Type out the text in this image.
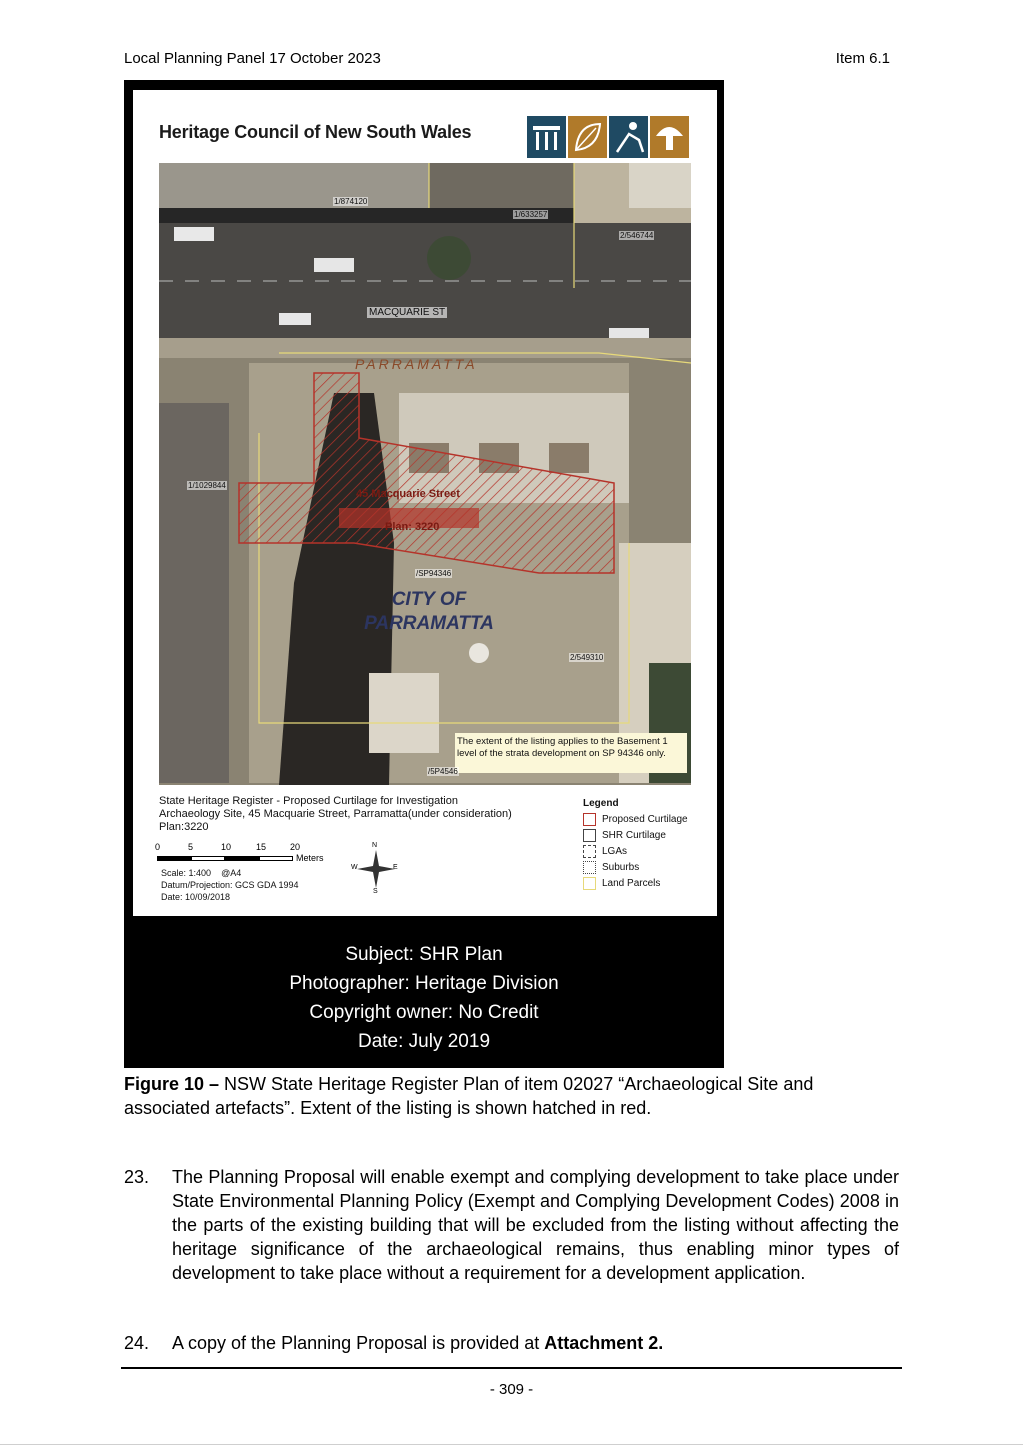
Local Planning Panel 17 October 2023	Item 6.1
Heritage Council of New South Wales
1/874120
1/633257
2/546744
1/1029844
/SP94346
2/549310
/5P4546
MACQUARIE ST
PARRAMATTA
45 Macquarie Street
Plan: 3220
CITY OF PARRAMATTA
The extent of the listing applies to the Basement 1 level of the strata development on SP 94346 only.
State Heritage Register - Proposed Curtilage for Investigation
Archaeology Site, 45 Macquarie Street, Parramatta(under consideration)
Plan:3220
0	5	10	15	20
Meters
N
S
E
W
Scale: 1:400 @A4
Datum/Projection: GCS GDA 1994
Date: 10/09/2018
Legend
Proposed Curtilage
SHR Curtilage
LGAs
Suburbs
Land Parcels
Subject: SHR Plan
Photographer: Heritage Division
Copyright owner: No Credit
Date: July 2019
Figure 10 – NSW State Heritage Register Plan of item 02027 “Archaeological Site and associated artefacts”. Extent of the listing is shown hatched in red.
23. The Planning Proposal will enable exempt and complying development to take place under State Environmental Planning Policy (Exempt and Complying Development Codes) 2008 in the parts of the existing building that will be excluded from the listing without affecting the heritage significance of the archaeological remains, thus enabling minor types of development to take place without a requirement for a development application.
24. A copy of the Planning Proposal is provided at Attachment 2.
- 309 -
